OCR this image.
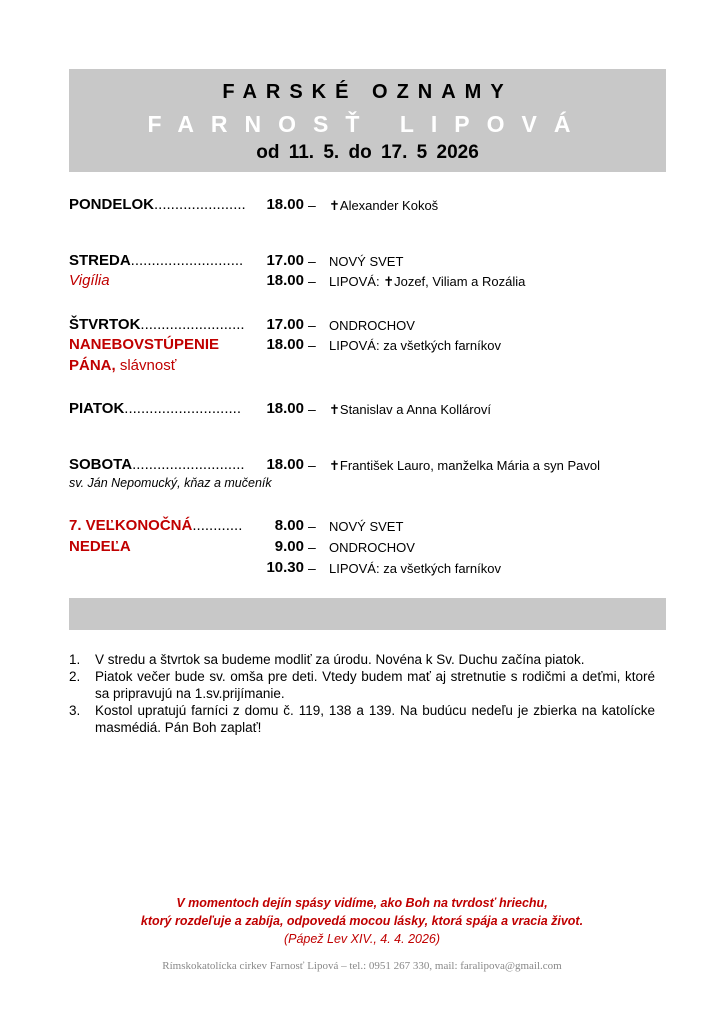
FARSKÉ OZNAMY
FARNOSŤ LIPOVÁ
od 11. 5. do 17. 5 2026
PONDELOK......................	18.00 – ✝Alexander Kokoš
STREDA...........................
Vigília
17.00 – NOVÝ SVET
18.00 – LIPOVÁ: ✝Jozef, Viliam a Rozália
ŠTVRTOK.........................
NANEBOVSTÚPENIE
PÁNA, slávnosť
17.00 – ONDROCHOV
18.00 – LIPOVÁ: za všetkých farníkov
PIATOK............................	18.00 – ✝Stanislav a Anna Kollároví
SOBOTA...........................
sv. Ján Nepomucký, kňaz a mučeník
18.00 – ✝František Lauro, manželka Mária a syn Pavol
7. VEĽKONOČNÁ............
NEDEĽA
8.00 – NOVÝ SVET
9.00 – ONDROCHOV
10.30 – LIPOVÁ: za všetkých farníkov
1. V stredu a štvrtok sa budeme modliť za úrodu. Novéna k Sv. Duchu začína piatok.
2. Piatok večer bude sv. omša pre deti. Vtedy budem mať aj stretnutie s rodičmi a deťmi, ktoré sa pripravujú na 1.sv.prijímanie.
3. Kostol upratujú farníci z domu č. 119, 138 a 139. Na budúcu nedeľu je zbierka na katolícke masmédiá. Pán Boh zaplať!
V momentoch dejín spásy vidíme, ako Boh na tvrdosť hriechu,
ktorý rozdeľuje a zabíja, odpovedá mocou lásky, ktorá spája a vracia život.
(Pápež Lev XIV., 4. 4. 2026)
Rímskokatolícka cirkev Farnosť Lipová – tel.: 0951 267 330, mail: faralipova@gmail.com
